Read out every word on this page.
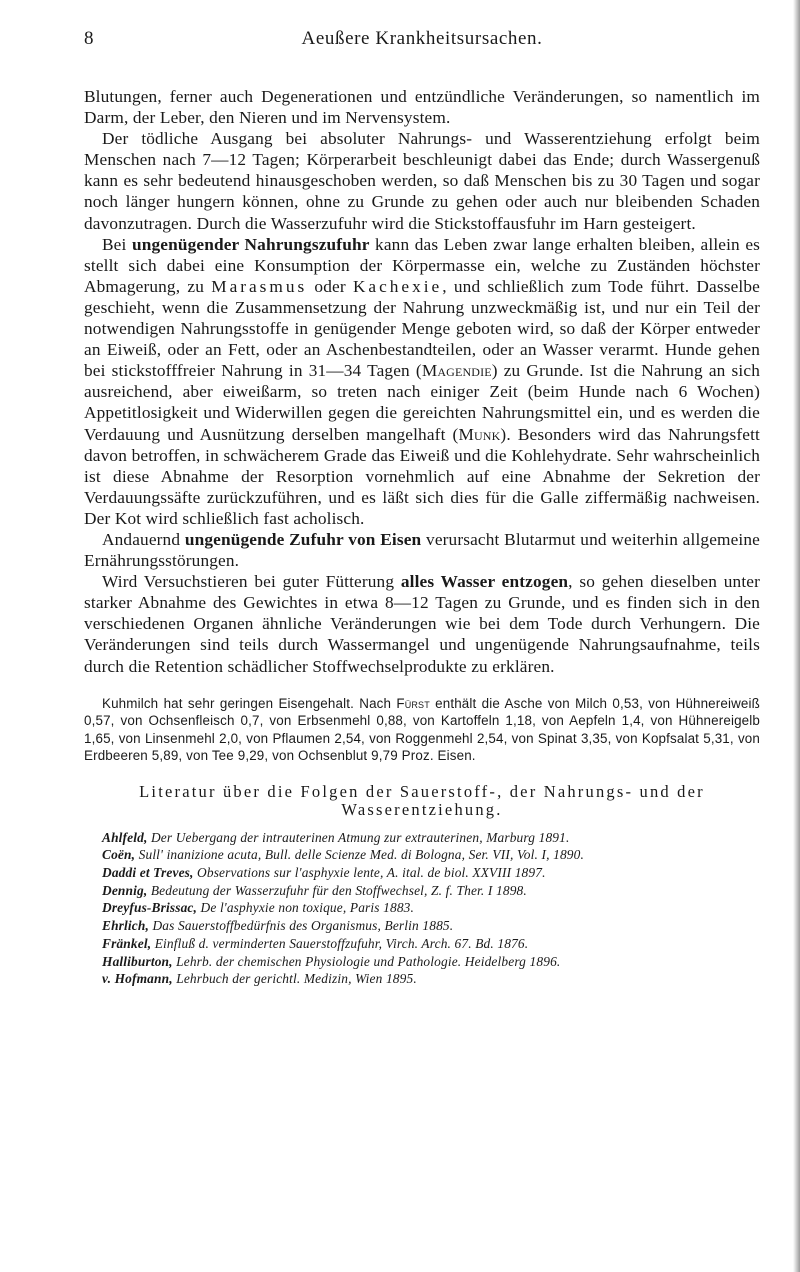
8	Aeußere Krankheitsursachen.

Blutungen, ferner auch Degenerationen und entzündliche Veränderungen, so namentlich im Darm, der Leber, den Nieren und im Nervensystem.

Der tödliche Ausgang bei absoluter Nahrungs- und Wasserentziehung erfolgt beim Menschen nach 7—12 Tagen; Körperarbeit beschleunigt dabei das Ende; durch Wassergenuß kann es sehr bedeutend hinausgeschoben werden, so daß Menschen bis zu 30 Tagen und sogar noch länger hungern können, ohne zu Grunde zu gehen oder auch nur bleibenden Schaden davonzutragen. Durch die Wasserzufuhr wird die Stickstoffausfuhr im Harn gesteigert.

Bei ungenügender Nahrungszufuhr kann das Leben zwar lange erhalten bleiben, allein es stellt sich dabei eine Konsumption der Körpermasse ein, welche zu Zuständen höchster Abmagerung, zu Marasmus oder Kachexie, und schließlich zum Tode führt. Dasselbe geschieht, wenn die Zusammensetzung der Nahrung unzweckmäßig ist, und nur ein Teil der notwendigen Nahrungsstoffe in genügender Menge geboten wird, so daß der Körper entweder an Eiweiß, oder an Fett, oder an Aschenbestandteilen, oder an Wasser verarmt. Hunde gehen bei stickstofffreier Nahrung in 31—34 Tagen (Magendie) zu Grunde. Ist die Nahrung an sich ausreichend, aber eiweißarm, so treten nach einiger Zeit (beim Hunde nach 6 Wochen) Appetitlosigkeit und Widerwillen gegen die gereichten Nahrungsmittel ein, und es werden die Verdauung und Ausnützung derselben mangelhaft (Munk). Besonders wird das Nahrungsfett davon betroffen, in schwächerem Grade das Eiweiß und die Kohlehydrate. Sehr wahrscheinlich ist diese Abnahme der Resorption vornehmlich auf eine Abnahme der Sekretion der Verdauungssäfte zurückzuführen, und es läßt sich dies für die Galle ziffermäßig nachweisen. Der Kot wird schließlich fast acholisch.

Andauernd ungenügende Zufuhr von Eisen verursacht Blutarmut und weiterhin allgemeine Ernährungsstörungen.

Wird Versuchstieren bei guter Fütterung alles Wasser entzogen, so gehen dieselben unter starker Abnahme des Gewichtes in etwa 8—12 Tagen zu Grunde, und es finden sich in den verschiedenen Organen ähnliche Veränderungen wie bei dem Tode durch Verhungern. Die Veränderungen sind teils durch Wassermangel und ungenügende Nahrungsaufnahme, teils durch die Retention schädlicher Stoffwechselprodukte zu erklären.

Kuhmilch hat sehr geringen Eisengehalt. Nach Fürst enthält die Asche von Milch 0,53, von Hühnereiweiß 0,57, von Ochsenfleisch 0,7, von Erbsenmehl 0,88, von Kartoffeln 1,18, von Aepfeln 1,4, von Hühnereigelb 1,65, von Linsenmehl 2,0, von Pflaumen 2,54, von Roggenmehl 2,54, von Spinat 3,35, von Kopfsalat 5,31, von Erdbeeren 5,89, von Tee 9,29, von Ochsenblut 9,79 Proz. Eisen.

Literatur über die Folgen der Sauerstoff-, der Nahrungs- und der Wasserentziehung.

Ahlfeld, Der Uebergang der intrauterinen Atmung zur extrauterinen, Marburg 1891.

Coën, Sull' inanizione acuta, Bull. delle Scienze Med. di Bologna, Ser. VII, Vol. I, 1890.

Daddi et Treves, Observations sur l'asphyxie lente, A. ital. de biol. XXVIII 1897.

Dennig, Bedeutung der Wasserzufuhr für den Stoffwechsel, Z. f. Ther. I 1898.

Dreyfus-Brissac, De l'asphyxie non toxique, Paris 1883.

Ehrlich, Das Sauerstoffbedürfnis des Organismus, Berlin 1885.

Fränkel, Einfluß d. verminderten Sauerstoffzufuhr, Virch. Arch. 67. Bd. 1876.

Halliburton, Lehrb. der chemischen Physiologie und Pathologie. Heidelberg 1896.

v. Hofmann, Lehrbuch der gerichtl. Medizin, Wien 1895.
